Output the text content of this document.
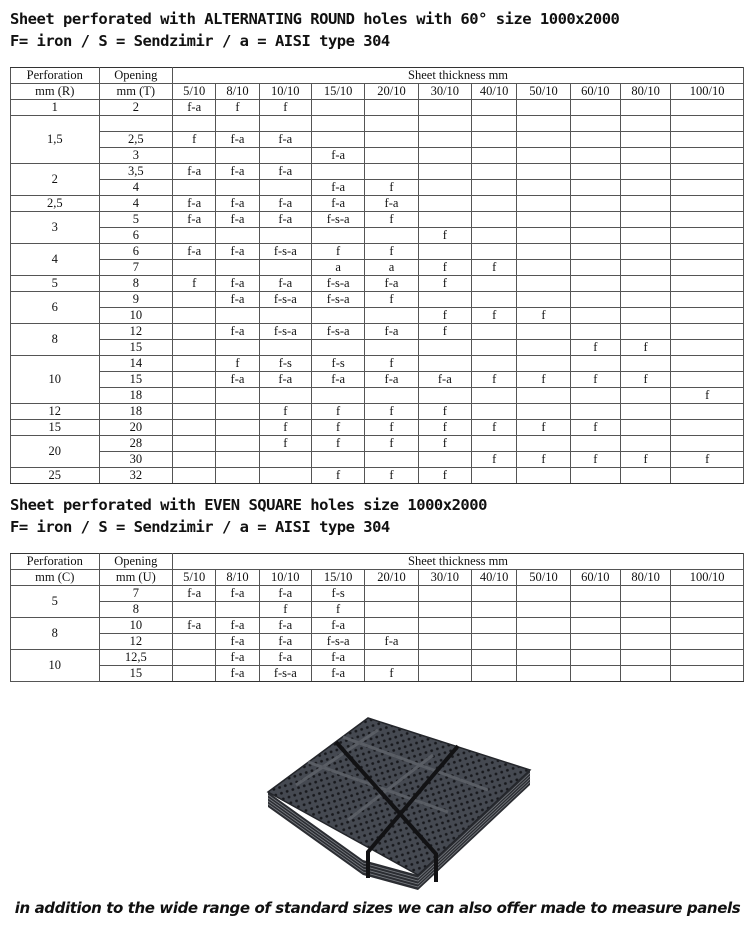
Sheet perforated with ALTERNATING ROUND holes with 60° size 1000x2000
F= iron / S = Sendzimir / a = AISI type 304
Perforation	Opening	Sheet thickness mm										
mm (R)	mm (T)	5/10	8/10	10/10	15/10	20/10	30/10	40/10	50/10	60/10	80/10	100/10
1	2	f-a	f	f								
1,5												
	2,5	f	f-a	f-a								
	3				f-a							
2	3,5	f-a	f-a	f-a								
	4				f-a	f						
2,5	4	f-a	f-a	f-a	f-a	f-a						
3	5	f-a	f-a	f-a	f-s-a	f						
	6						f					
4	6	f-a	f-a	f-s-a	f	f						
	7				a	a	f	f				
5	8	f	f-a	f-a	f-s-a	f-a	f					
6	9		f-a	f-s-a	f-s-a	f						
	10						f	f	f			
8	12		f-a	f-s-a	f-s-a	f-a	f					
	15									f	f	
10	14		f	f-s	f-s	f						
	15		f-a	f-a	f-a	f-a	f-a	f	f	f	f	
	18											f
12	18			f	f	f	f					
15	20			f	f	f	f	f	f	f		
20	28			f	f	f	f					
	30							f	f	f	f	f
25	32				f	f	f					
Sheet perforated with EVEN SQUARE holes size 1000x2000
F= iron / S = Sendzimir / a = AISI type 304
Perforation	Opening	Sheet thickness mm										
mm (C)	mm (U)	5/10	8/10	10/10	15/10	20/10	30/10	40/10	50/10	60/10	80/10	100/10
5	7	f-a	f-a	f-a	f-s							
	8			f	f							
8	10	f-a	f-a	f-a	f-a							
	12		f-a	f-a	f-s-a	f-a						
10	12,5		f-a	f-a	f-a							
	15		f-a	f-s-a	f-a	f						
in addition to the wide range of standard sizes we can also offer made to measure panels
